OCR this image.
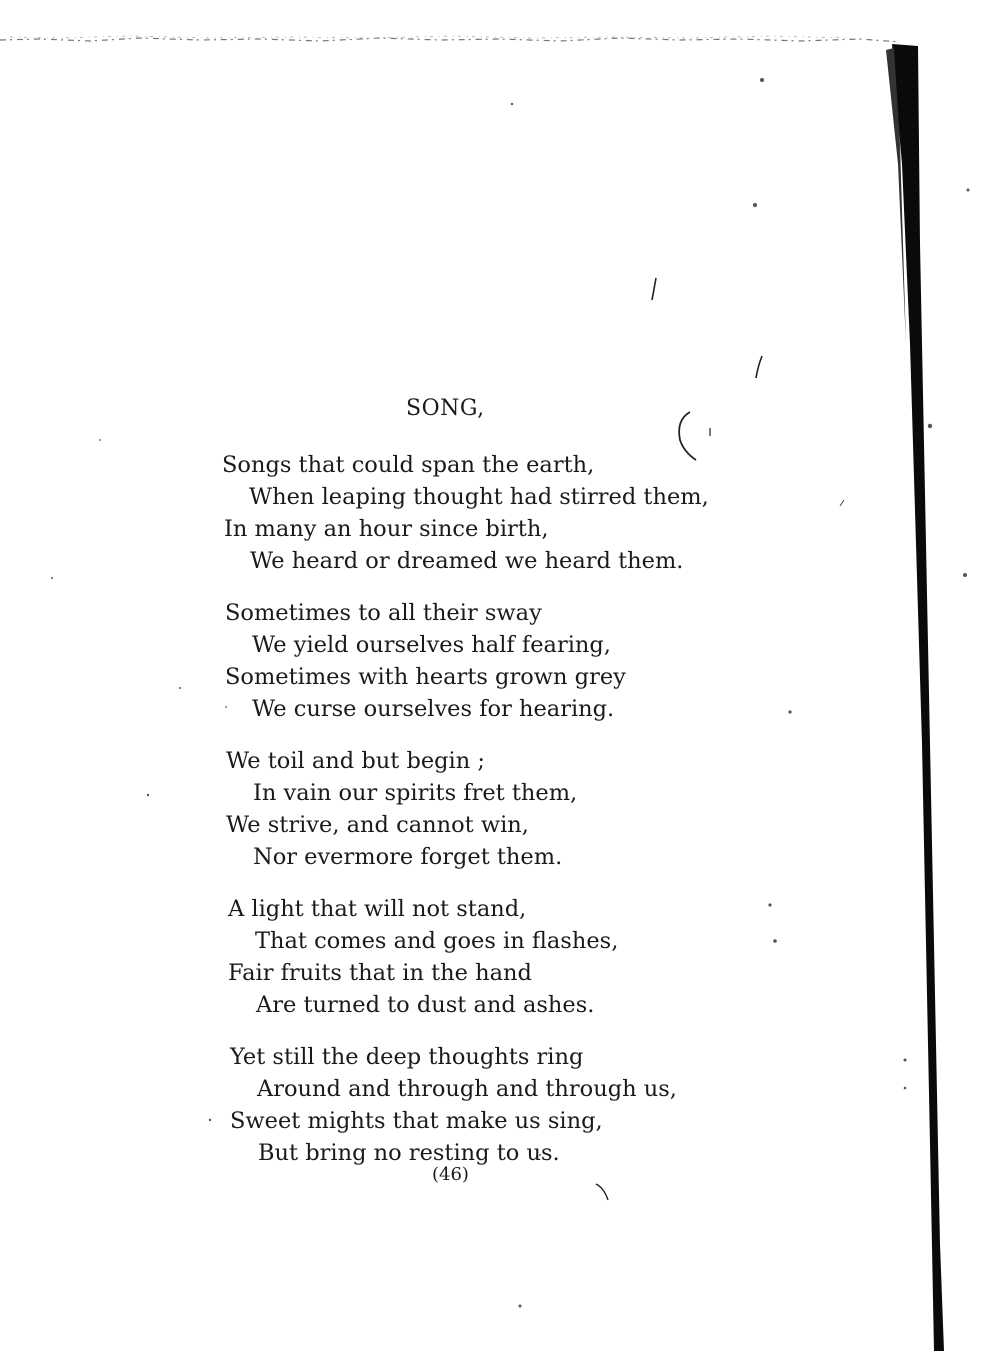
SONG,
Songs that could span the earth,
When leaping thought had stirred them,
In many an hour since birth,
We heard or dreamed we heard them.
Sometimes to all their sway
We yield ourselves half fearing,
Sometimes with hearts grown grey
We curse ourselves for hearing.
We toil and but begin ;
In vain our spirits fret them,
We strive, and cannot win,
Nor evermore forget them.
A light that will not stand,
That comes and goes in flashes,
Fair fruits that in the hand
Are turned to dust and ashes.
Yet still the deep thoughts ring
Around and through and through us,
Sweet mights that make us sing,
But bring no resting to us.
(46)
